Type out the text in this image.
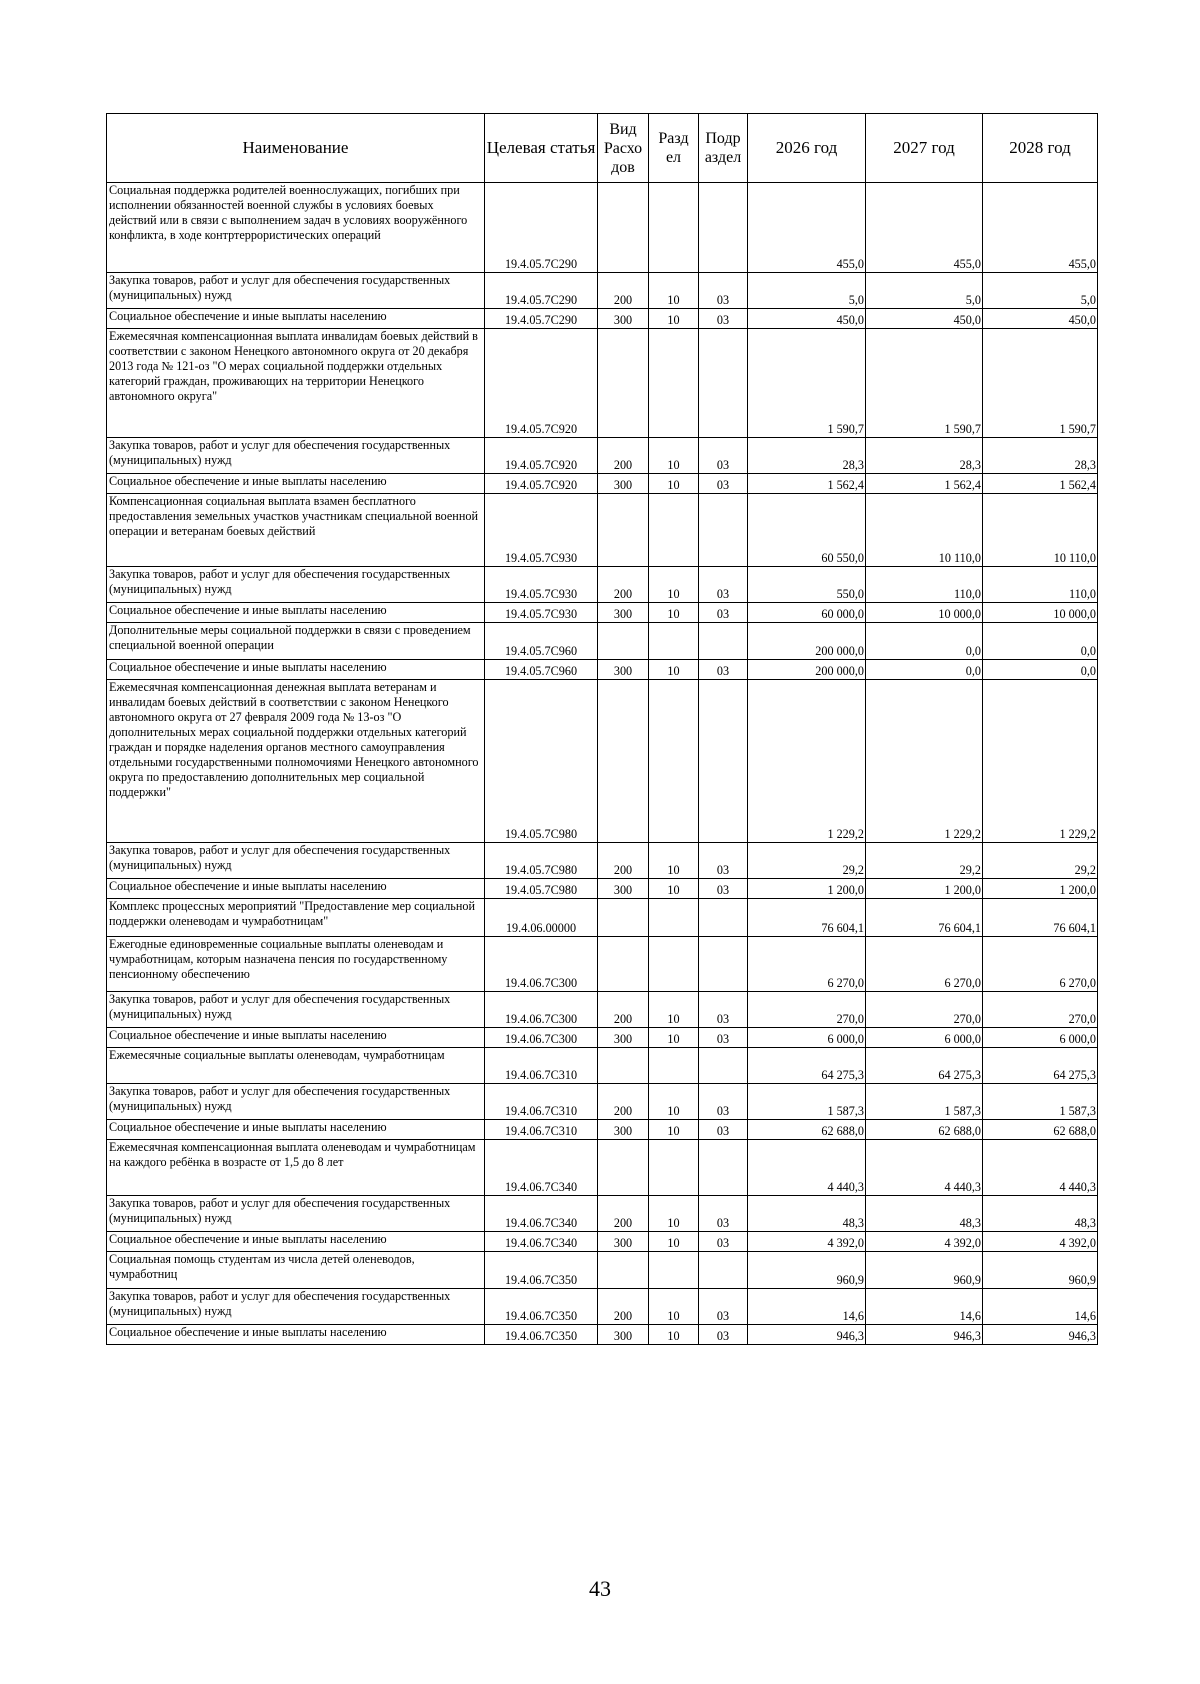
Наименование	Целевая статья	Вид Расхо дов	Разд ел	Подр аздел	2026 год	2027 год	2028 год
Социальная поддержка родителей военнослужащих, погибших при исполнении обязанностей военной службы в условиях боевых действий или в связи с выполнением задач в условиях вооружённого конфликта, в ходе контртеррористических операций	19.4.05.7С290				455,0	455,0	455,0
Закупка товаров, работ и услуг для обеспечения государственных (муниципальных) нужд	19.4.05.7С290	200	10	03	5,0	5,0	5,0
Социальное обеспечение и иные выплаты населению	19.4.05.7С290	300	10	03	450,0	450,0	450,0
Ежемесячная компенсационная выплата инвалидам боевых действий в соответствии с законом Ненецкого автономного округа от 20 декабря 2013 года № 121-оз "О мерах социальной поддержки отдельных категорий граждан, проживающих на территории Ненецкого автономного округа"	19.4.05.7С920				1 590,7	1 590,7	1 590,7
Закупка товаров, работ и услуг для обеспечения государственных (муниципальных) нужд	19.4.05.7С920	200	10	03	28,3	28,3	28,3
Социальное обеспечение и иные выплаты населению	19.4.05.7С920	300	10	03	1 562,4	1 562,4	1 562,4
Компенсационная социальная выплата взамен бесплатного предоставления земельных участков участникам специальной военной операции и ветеранам боевых действий	19.4.05.7С930				60 550,0	10 110,0	10 110,0
Закупка товаров, работ и услуг для обеспечения государственных (муниципальных) нужд	19.4.05.7С930	200	10	03	550,0	110,0	110,0
Социальное обеспечение и иные выплаты населению	19.4.05.7С930	300	10	03	60 000,0	10 000,0	10 000,0
Дополнительные меры социальной поддержки в связи с проведением специальной военной операции	19.4.05.7С960				200 000,0	0,0	0,0
Социальное обеспечение и иные выплаты населению	19.4.05.7С960	300	10	03	200 000,0	0,0	0,0
Ежемесячная компенсационная денежная выплата ветеранам и инвалидам боевых действий в соответствии с законом Ненецкого автономного округа от 27 февраля 2009 года № 13-оз "О дополнительных мерах социальной поддержки отдельных категорий граждан и порядке наделения органов местного самоуправления отдельными государственными полномочиями Ненецкого автономного округа по предоставлению дополнительных мер социальной поддержки"	19.4.05.7С980				1 229,2	1 229,2	1 229,2
Закупка товаров, работ и услуг для обеспечения государственных (муниципальных) нужд	19.4.05.7С980	200	10	03	29,2	29,2	29,2
Социальное обеспечение и иные выплаты населению	19.4.05.7С980	300	10	03	1 200,0	1 200,0	1 200,0
Комплекс процессных мероприятий "Предоставление мер социальной поддержки оленеводам и чумработницам"	19.4.06.00000				76 604,1	76 604,1	76 604,1
Ежегодные единовременные социальные выплаты оленеводам и чумработницам, которым назначена пенсия по государственному пенсионному обеспечению	19.4.06.7С300				6 270,0	6 270,0	6 270,0
Закупка товаров, работ и услуг для обеспечения государственных (муниципальных) нужд	19.4.06.7С300	200	10	03	270,0	270,0	270,0
Социальное обеспечение и иные выплаты населению	19.4.06.7С300	300	10	03	6 000,0	6 000,0	6 000,0
Ежемесячные социальные выплаты оленеводам, чумработницам	19.4.06.7С310				64 275,3	64 275,3	64 275,3
Закупка товаров, работ и услуг для обеспечения государственных (муниципальных) нужд	19.4.06.7С310	200	10	03	1 587,3	1 587,3	1 587,3
Социальное обеспечение и иные выплаты населению	19.4.06.7С310	300	10	03	62 688,0	62 688,0	62 688,0
Ежемесячная компенсационная выплата оленеводам и чумработницам на каждого ребёнка в возрасте от 1,5 до 8 лет	19.4.06.7С340				4 440,3	4 440,3	4 440,3
Закупка товаров, работ и услуг для обеспечения государственных (муниципальных) нужд	19.4.06.7С340	200	10	03	48,3	48,3	48,3
Социальное обеспечение и иные выплаты населению	19.4.06.7С340	300	10	03	4 392,0	4 392,0	4 392,0
Социальная помощь студентам из числа детей оленеводов, чумработниц	19.4.06.7С350				960,9	960,9	960,9
Закупка товаров, работ и услуг для обеспечения государственных (муниципальных) нужд	19.4.06.7С350	200	10	03	14,6	14,6	14,6
Социальное обеспечение и иные выплаты населению	19.4.06.7С350	300	10	03	946,3	946,3	946,3
43
